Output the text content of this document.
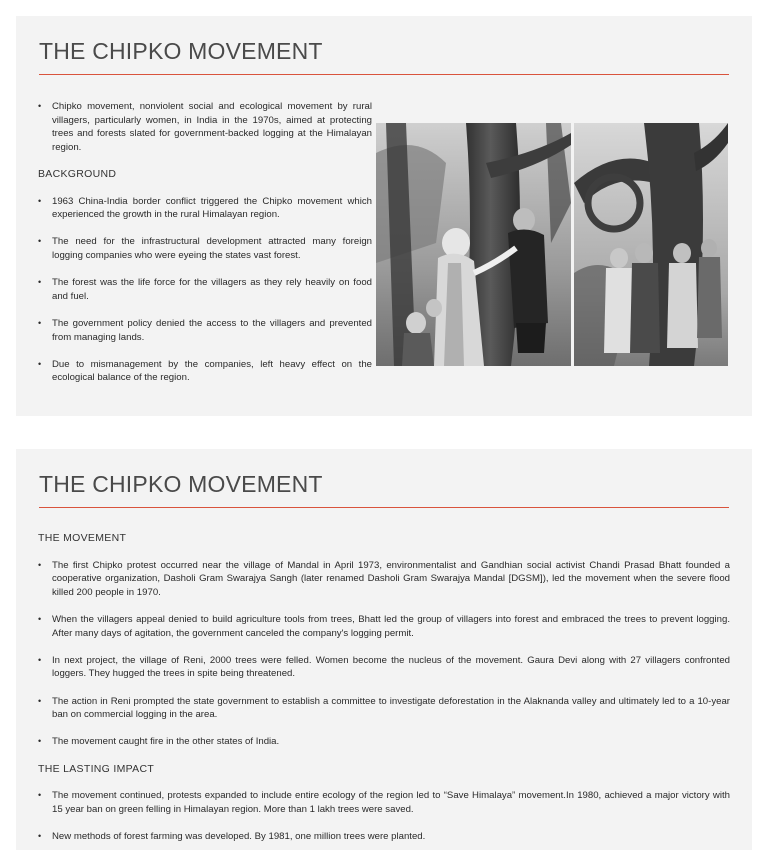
THE CHIPKO MOVEMENT
• Chipko movement, nonviolent social and ecological movement by rural villagers, particularly women, in India in the 1970s, aimed at protecting trees and forests slated for government-backed logging at the Himalayan region.
BACKGROUND
• 1963 China-India border conflict triggered the Chipko movement which experienced the growth in the rural Himalayan region.
• The need for the infrastructural development attracted many foreign logging companies who were eyeing the states vast forest.
• The forest was the life force for the villagers as they rely heavily on food and fuel.
• The government policy denied the access to the villagers and prevented from managing lands.
• Due to mismanagement by the companies, left heavy effect on the ecological balance of the region.
THE CHIPKO MOVEMENT
THE MOVEMENT
• The first Chipko protest occurred near the village of Mandal in April 1973, environmentalist and Gandhian social activist Chandi Prasad Bhatt founded a cooperative organization, Dasholi Gram Swarajya Sangh (later renamed Dasholi Gram Swarajya Mandal [DGSM]), led the movement when the severe flood killed 200 people in 1970.
• When the villagers appeal denied to build agriculture tools from trees, Bhatt led the group of villagers into forest and embraced the trees to prevent logging. After many days of agitation, the government canceled the company's logging permit.
• In next project, the village of Reni, 2000 trees were felled. Women become the nucleus of the movement. Gaura Devi along with 27 villagers confronted loggers. They hugged the trees in spite being threatened.
• The action in Reni prompted the state government to establish a committee to investigate deforestation in the Alaknanda valley and ultimately led to a 10-year ban on commercial logging in the area.
• The movement caught fire in the other states of India.
THE LASTING IMPACT
• The movement continued, protests expanded to include entire ecology of the region led to “Save Himalaya” movement.In 1980, achieved a major victory with 15 year ban on green felling in Himalayan region. More than 1 lakh trees were saved.
• New methods of forest farming was developed. By 1981, one million trees were planted.
